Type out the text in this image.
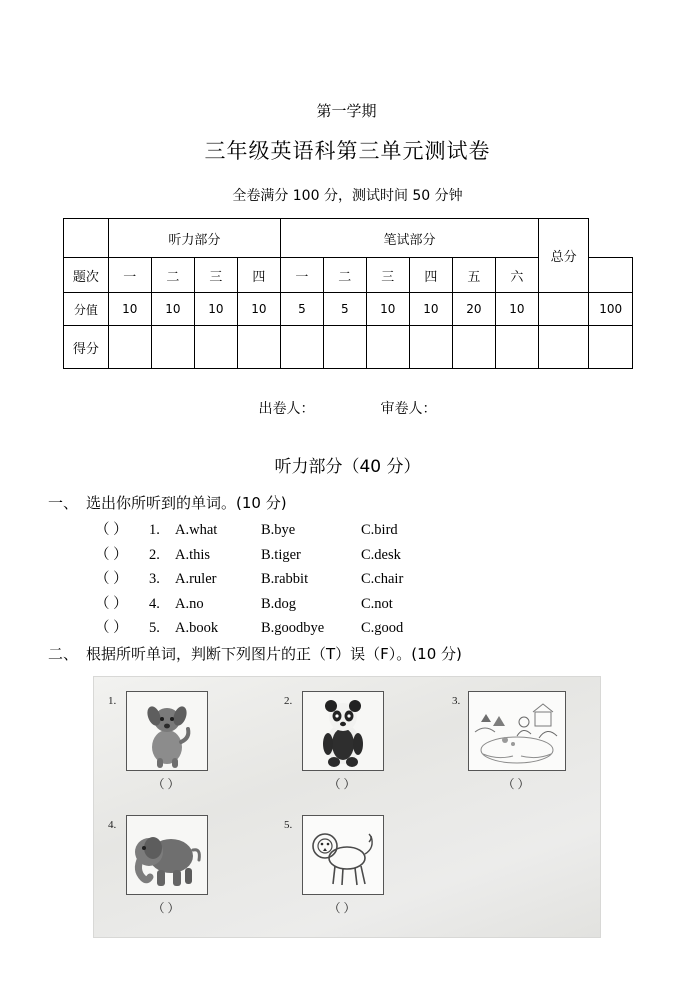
第一学期
三年级英语科第三单元测试卷
全卷满分 100 分，测试时间 50 分钟
	听力部分				笔试部分						总分	
题次	一	二	三	四	一	二	三	四	五	六		
分值	10	10	10	10	5	5	10	10	20	10		100
得分												
出卷人：	审卷人：
听力部分（40 分）
一、 选出你所听到的单词。(10 分)
（ ） 1. A.what	B.bye	C.bird
（ ） 2. A.this	B.tiger	C.desk
（ ） 3. A.ruler	B.rabbit	C.chair
（ ） 4. A.no	B.dog	C.not
（ ） 5. A.book	B.goodbye	C.good
二、 根据所听单词，判断下列图片的正（T）误（F）。(10 分)
1.
（ ）
2.
（ ）
3.
（ ）
4.
（ ）
5.
（ ）
